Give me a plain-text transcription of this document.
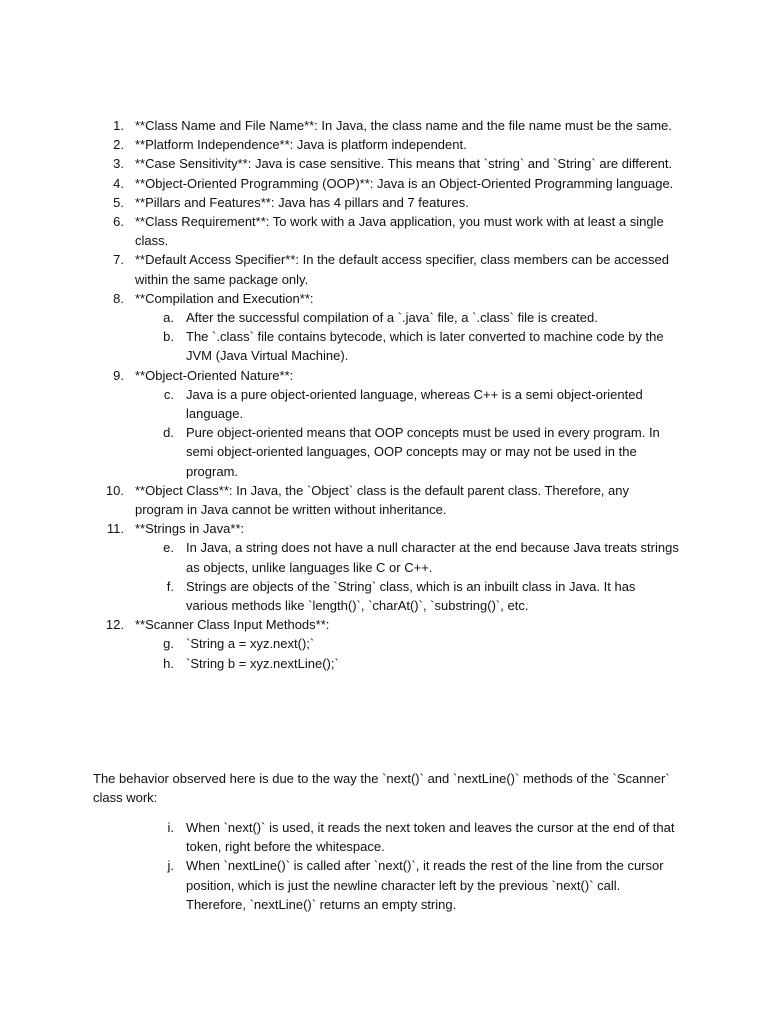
1. **Class Name and File Name**: In Java, the class name and the file name must be the same.
2. **Platform Independence**: Java is platform independent.
3. **Case Sensitivity**: Java is case sensitive. This means that `string` and `String` are different.
4. **Object-Oriented Programming (OOP)**: Java is an Object-Oriented Programming language.
5. **Pillars and Features**: Java has 4 pillars and 7 features.
6. **Class Requirement**: To work with a Java application, you must work with at least a single class.
7. **Default Access Specifier**: In the default access specifier, class members can be accessed within the same package only.
8. **Compilation and Execution**:
a. After the successful compilation of a `.java` file, a `.class` file is created.
b. The `.class` file contains bytecode, which is later converted to machine code by the JVM (Java Virtual Machine).
9. **Object-Oriented Nature**:
c. Java is a pure object-oriented language, whereas C++ is a semi object-oriented language.
d. Pure object-oriented means that OOP concepts must be used in every program. In semi object-oriented languages, OOP concepts may or may not be used in the program.
10. **Object Class**: In Java, the `Object` class is the default parent class. Therefore, any program in Java cannot be written without inheritance.
11. **Strings in Java**:
e. In Java, a string does not have a null character at the end because Java treats strings as objects, unlike languages like C or C++.
f. Strings are objects of the `String` class, which is an inbuilt class in Java. It has various methods like `length()`, `charAt()`, `substring()`, etc.
12. **Scanner Class Input Methods**:
g. `String a = xyz.next();`
h. `String b = xyz.nextLine();`
The behavior observed here is due to the way the `next()` and `nextLine()` methods of the `Scanner` class work:
i. When `next()` is used, it reads the next token and leaves the cursor at the end of that token, right before the whitespace.
j. When `nextLine()` is called after `next()`, it reads the rest of the line from the cursor position, which is just the newline character left by the previous `next()` call. Therefore, `nextLine()` returns an empty string.
